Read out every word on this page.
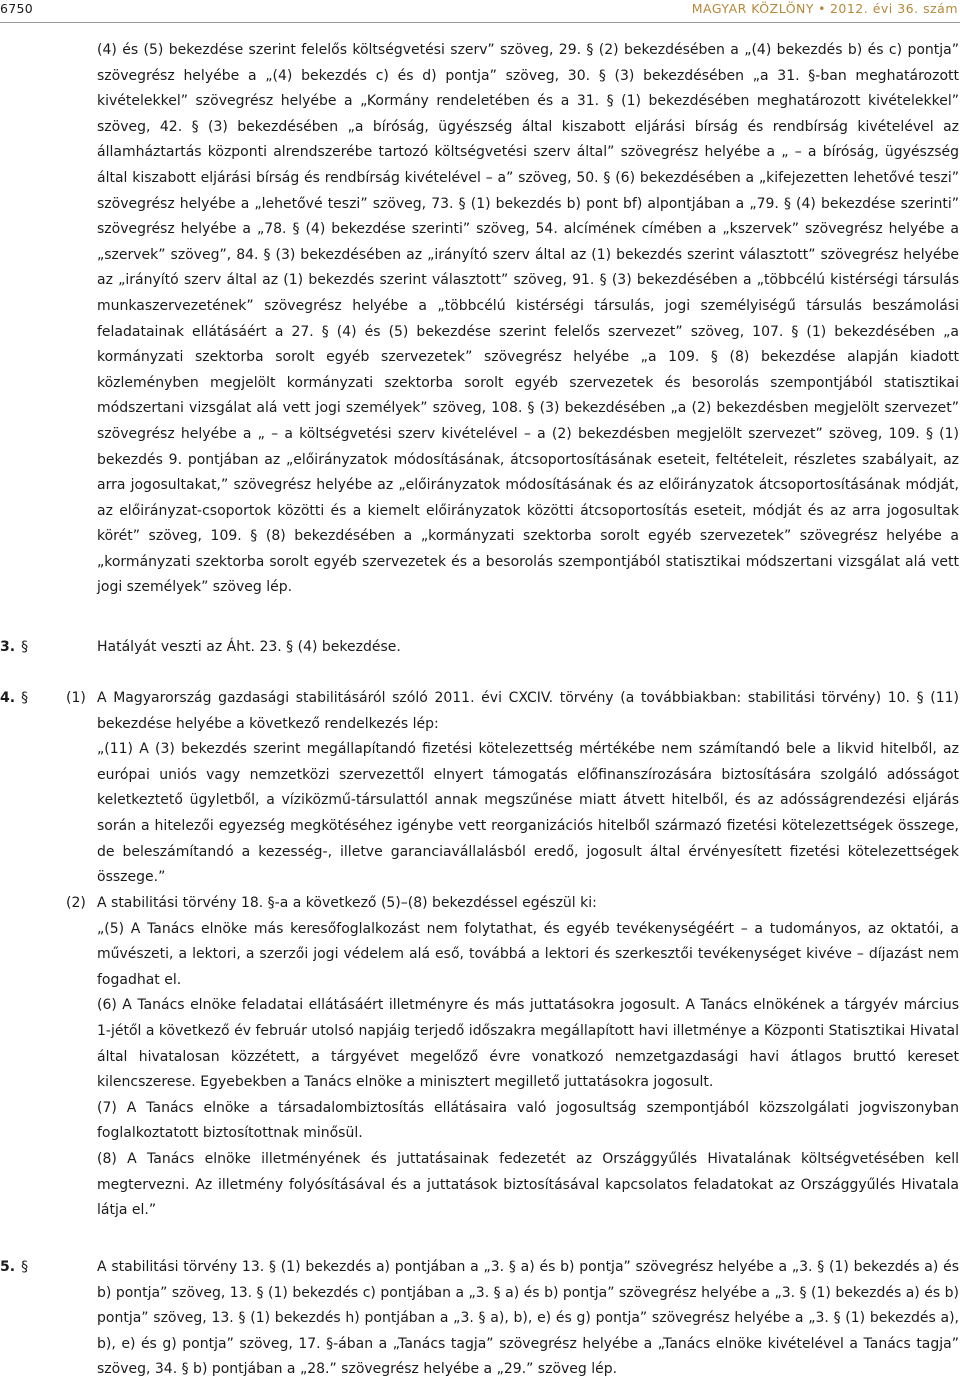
6750	MAGYAR KÖZLÖNY • 2012. évi 36. szám
(4) és (5) bekezdése szerint felelős költségvetési szerv” szöveg, 29. § (2) bekezdésében a „(4) bekezdés b) és c) pontja” szövegrész helyébe a „(4) bekezdés c) és d) pontja” szöveg, 30. § (3) bekezdésében „a 31. §-ban meghatározott kivételekkel” szövegrész helyébe a „Kormány rendeletében és a 31. § (1) bekezdésében meghatározott kivételekkel” szöveg, 42. § (3) bekezdésében „a bíróság, ügyészség által kiszabott eljárási bírság és rendbírság kivételével az államháztartás központi alrendszerébe tartozó költségvetési szerv által” szövegrész helyébe a „ – a bíróság, ügyészség által kiszabott eljárási bírság és rendbírság kivételével – a” szöveg, 50. § (6) bekezdésében a „kifejezetten lehetővé teszi” szövegrész helyébe a „lehetővé teszi” szöveg, 73. § (1) bekezdés b) pont bf) alpontjában a „79. § (4) bekezdése szerinti” szövegrész helyébe a „78. § (4) bekezdése szerinti” szöveg, 54. alcímének címében a „kszervek” szövegrész helyébe a „szervek” szöveg”, 84. § (3) bekezdésében az „irányító szerv által az (1) bekezdés szerint választott” szövegrész helyébe az „irányító szerv által az (1) bekezdés szerint választott” szöveg, 91. § (3) bekezdésében a „többcélú kistérségi társulás munkaszervezetének” szövegrész helyébe a „többcélú kistérségi társulás, jogi személyiségű társulás beszámolási feladatainak ellátásáért a 27. § (4) és (5) bekezdése szerint felelős szervezet” szöveg, 107. § (1) bekezdésében „a kormányzati szektorba sorolt egyéb szervezetek” szövegrész helyébe „a 109. § (8) bekezdése alapján kiadott közleményben megjelölt kormányzati szektorba sorolt egyéb szervezetek és besorolás szempontjából statisztikai módszertani vizsgálat alá vett jogi személyek” szöveg, 108. § (3) bekezdésében „a (2) bekezdésben megjelölt szervezet” szövegrész helyébe a „ – a költségvetési szerv kivételével – a (2) bekezdésben megjelölt szervezet” szöveg, 109. § (1) bekezdés 9. pontjában az „előirányzatok módosításának, átcsoportosításának eseteit, feltételeit, részletes szabályait, az arra jogosultakat,” szövegrész helyébe az „előirányzatok módosításának és az előirányzatok átcsoportosításának módját, az előirányzat-csoportok közötti és a kiemelt előirányzatok közötti átcsoportosítás eseteit, módját és az arra jogosultak körét” szöveg, 109. § (8) bekezdésében a „kormányzati szektorba sorolt egyéb szervezetek” szövegrész helyébe a „kormányzati szektorba sorolt egyéb szervezetek és a besorolás szempontjából statisztikai módszertani vizsgálat alá vett jogi személyek” szöveg lép.
3. §	Hatályát veszti az Áht. 23. § (4) bekezdése.
4. §	(1) A Magyarország gazdasági stabilitásáról szóló 2011. évi CXCIV. törvény (a továbbiakban: stabilitási törvény) 10. § (11) bekezdése helyébe a következő rendelkezés lép:

„(11) A (3) bekezdés szerint megállapítandó fizetési kötelezettség mértékébe nem számítandó bele a likvid hitelből, az európai uniós vagy nemzetközi szervezettől elnyert támogatás előfinanszírozására biztosítására szolgáló adósságot keletkeztető ügyletből, a víziközmű-társulattól annak megszűnése miatt átvett hitelből, és az adósságrendezési eljárás során a hitelezői egyezség megkötéséhez igénybe vett reorganizációs hitelből származó fizetési kötelezettségek összege, de beleszámítandó a kezesség-, illetve garanciavállalásból eredő, jogosult által érvényesített fizetési kötelezettségek összege.”

(2) A stabilitási törvény 18. §-a a következő (5)–(8) bekezdéssel egészül ki:

„(5) A Tanács elnöke más keresőfoglalkozást nem folytathat, és egyéb tevékenységéért – a tudományos, az oktatói, a művészeti, a lektori, a szerzői jogi védelem alá eső, továbbá a lektori és szerkesztői tevékenységet kivéve – díjazást nem fogadhat el.

(6) A Tanács elnöke feladatai ellátásáért illetményre és más juttatásokra jogosult. A Tanács elnökének a tárgyév március 1-jétől a következő év február utolsó napjáig terjedő időszakra megállapított havi illetménye a Központi Statisztikai Hivatal által hivatalosan közzétett, a tárgyévet megelőző évre vonatkozó nemzetgazdasági havi átlagos bruttó kereset kilencszerese. Egyebekben a Tanács elnöke a minisztert megillető juttatásokra jogosult.

(7) A Tanács elnöke a társadalombiztosítás ellátásaira való jogosultság szempontjából közszolgálati jogviszonyban foglalkoztatott biztosítottnak minősül.

(8) A Tanács elnöke illetményének és juttatásainak fedezetét az Országgyűlés Hivatalának költségvetésében kell megtervezni. Az illetmény folyósításával és a juttatások biztosításával kapcsolatos feladatokat az Országgyűlés Hivatala látja el.”

5. §	A stabilitási törvény 13. § (1) bekezdés a) pontjában a „3. § a) és b) pontja” szövegrész helyébe a „3. § (1) bekezdés a) és b) pontja” szöveg, 13. § (1) bekezdés c) pontjában a „3. § a) és b) pontja” szövegrész helyébe a „3. § (1) bekezdés a) és b) pontja” szöveg, 13. § (1) bekezdés h) pontjában a „3. § a), b), e) és g) pontja” szövegrész helyébe a „3. § (1) bekezdés a), b), e) és g) pontja” szöveg, 17. §-ában a „Tanács tagja” szövegrész helyébe a „Tanács elnöke kivételével a Tanács tagja” szöveg, 34. § b) pontjában a „28.” szövegrész helyébe a „29.” szöveg lép.
